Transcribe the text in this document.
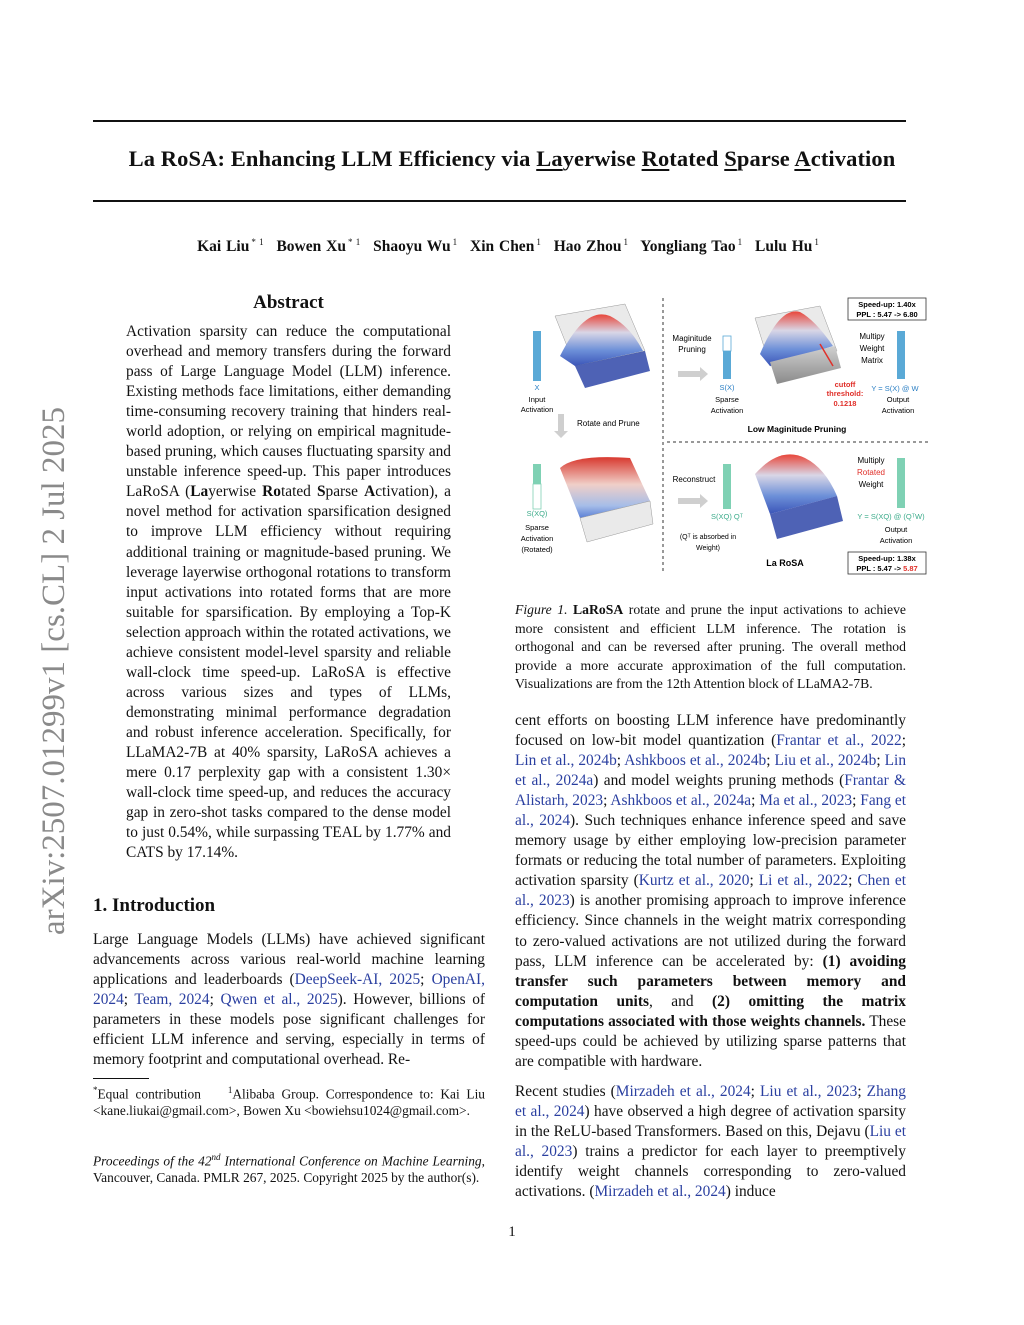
arXiv:2507.01299v1 [cs.CL] 2 Jul 2025
La RoSA: Enhancing LLM Efficiency via Layerwise Rotated Sparse Activation
Kai Liu $^{* 1}$ Bowen Xu $^{* 1}$ Shaoyu Wu $^1$ Xin Chen $^1$ Hao Zhou $^1$ Yongliang Tao $^1$ Lulu Hu $^1$
Abstract
Activation sparsity can reduce the computational overhead and memory transfers during the forward pass of Large Language Model (LLM) inference. Existing methods face limitations, either demanding time-consuming recovery training that hinders real-world adoption, or relying on empirical magnitude-based pruning, which causes fluctuating sparsity and unstable inference speed-up. This paper introduces LaRoSA (Layerwise Rotated Sparse Activation), a novel method for activation sparsification designed to improve LLM efficiency without requiring additional training or magnitude-based pruning. We leverage layerwise orthogonal rotations to transform input activations into rotated forms that are more suitable for sparsification. By employing a Top-K selection approach within the rotated activations, we achieve consistent model-level sparsity and reliable wall-clock time speed-up. LaRoSA is effective across various sizes and types of LLMs, demonstrating minimal performance degradation and robust inference acceleration. Specifically, for LLaMA2-7B at 40% sparsity, LaRoSA achieves a mere 0.17 perplexity gap with a consistent 1.30× wall-clock time speed-up, and reduces the accuracy gap in zero-shot tasks compared to the dense model to just 0.54%, while surpassing TEAL by 1.77% and CATS by 17.14%.
1. Introduction
Large Language Models (LLMs) have achieved significant advancements across various real-world machine learning applications and leaderboards (DeepSeek-AI, 2025; OpenAI, 2024; Team, 2024; Qwen et al., 2025). However, billions of parameters in these models pose significant challenges for efficient LLM inference and serving, especially in terms of memory footprint and computational overhead. Re-
*Equal contribution	$^1$Alibaba Group. Correspondence to: Kai Liu <kane.liukai@gmail.com>, Bowen Xu <bowiehsu1024@gmail.com>.
Proceedings of the 42nd International Conference on Machine Learning, Vancouver, Canada. PMLR 267, 2025. Copyright 2025 by the author(s).
X
Input
Activation
Maginitude
Pruning
S(X)
Sparse
Activation
cutoff
threshold:
0.1218
Speed-up: 1.40x
PPL : 5.47 -> 6.80
Multipy
Weight
Matrix
Y = S(X) @ W
Output
Activation
Rotate and Prune
Low Maginitude Pruning
S(XQ)
Sparse
Activation
(Rotated)
Reconstruct
(Qᵀ is absorbed in
Weight)
S(XQ) Qᵀ
La RoSA
Multiply
Rotated
Weight
Y = S(XQ) @ (QᵀW)
Output
Activation
Speed-up: 1.38x
PPL : 5.47 -> 5.87
Figure 1. LaRoSA rotate and prune the input activations to achieve more consistent and efficient LLM inference. The rotation is orthogonal and can be reversed after pruning. The overall method provide a more accurate approximation of the full computation. Visualizations are from the 12th Attention block of LLaMA2-7B.
cent efforts on boosting LLM inference have predominantly focused on low-bit model quantization (Frantar et al., 2022; Lin et al., 2024b; Ashkboos et al., 2024b; Liu et al., 2024b; Lin et al., 2024a) and model weights pruning methods (Frantar & Alistarh, 2023; Ashkboos et al., 2024a; Ma et al., 2023; Fang et al., 2024). Such techniques enhance inference speed and save memory usage by either employing low-precision parameter formats or reducing the total number of parameters. Exploiting activation sparsity (Kurtz et al., 2020; Li et al., 2022; Chen et al., 2023) is another promising approach to improve inference efficiency. Since channels in the weight matrix corresponding to zero-valued activations are not utilized during the forward pass, LLM inference can be accelerated by: (1) avoiding transfer such parameters between memory and computation units, and (2) omitting the matrix computations associated with those weights channels. These speed-ups could be achieved by utilizing sparse patterns that are compatible with hardware.
Recent studies (Mirzadeh et al., 2024; Liu et al., 2023; Zhang et al., 2024) have observed a high degree of activation sparsity in the ReLU-based Transformers. Based on this, Dejavu (Liu et al., 2023) trains a predictor for each layer to preemptively identify weight channels corresponding to zero-valued activations. (Mirzadeh et al., 2024) induce
1
